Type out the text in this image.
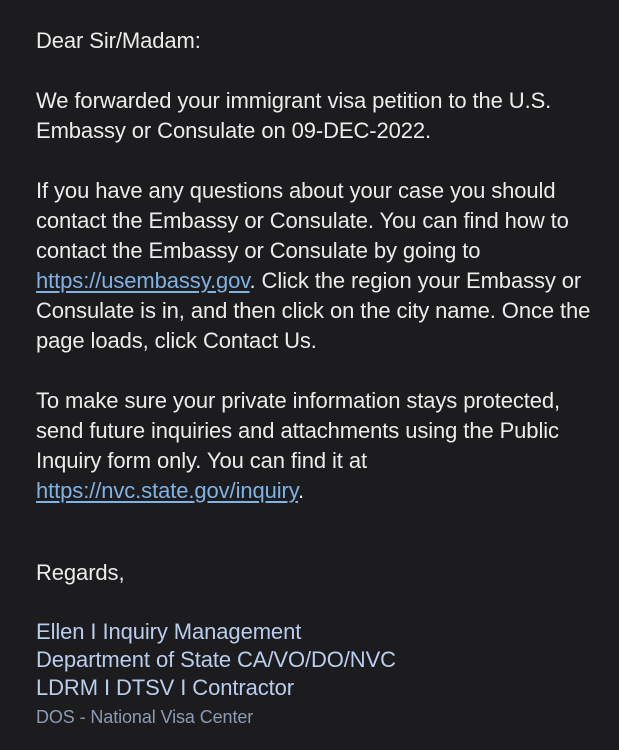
Dear Sir/Madam:

We forwarded your immigrant visa petition to the U.S. Embassy or Consulate on 09-DEC-2022.

If you have any questions about your case you should contact the Embassy or Consulate. You can find how to contact the Embassy or Consulate by going to https://usembassy.gov. Click the region your Embassy or Consulate is in, and then click on the city name. Once the page loads, click Contact Us.

To make sure your private information stays protected, send future inquiries and attachments using the Public Inquiry form only. You can find it at https://nvc.state.gov/inquiry.

Regards,

Ellen I Inquiry Management
Department of State CA/VO/DO/NVC
LDRM I DTSV I Contractor
DOS - National Visa Center
